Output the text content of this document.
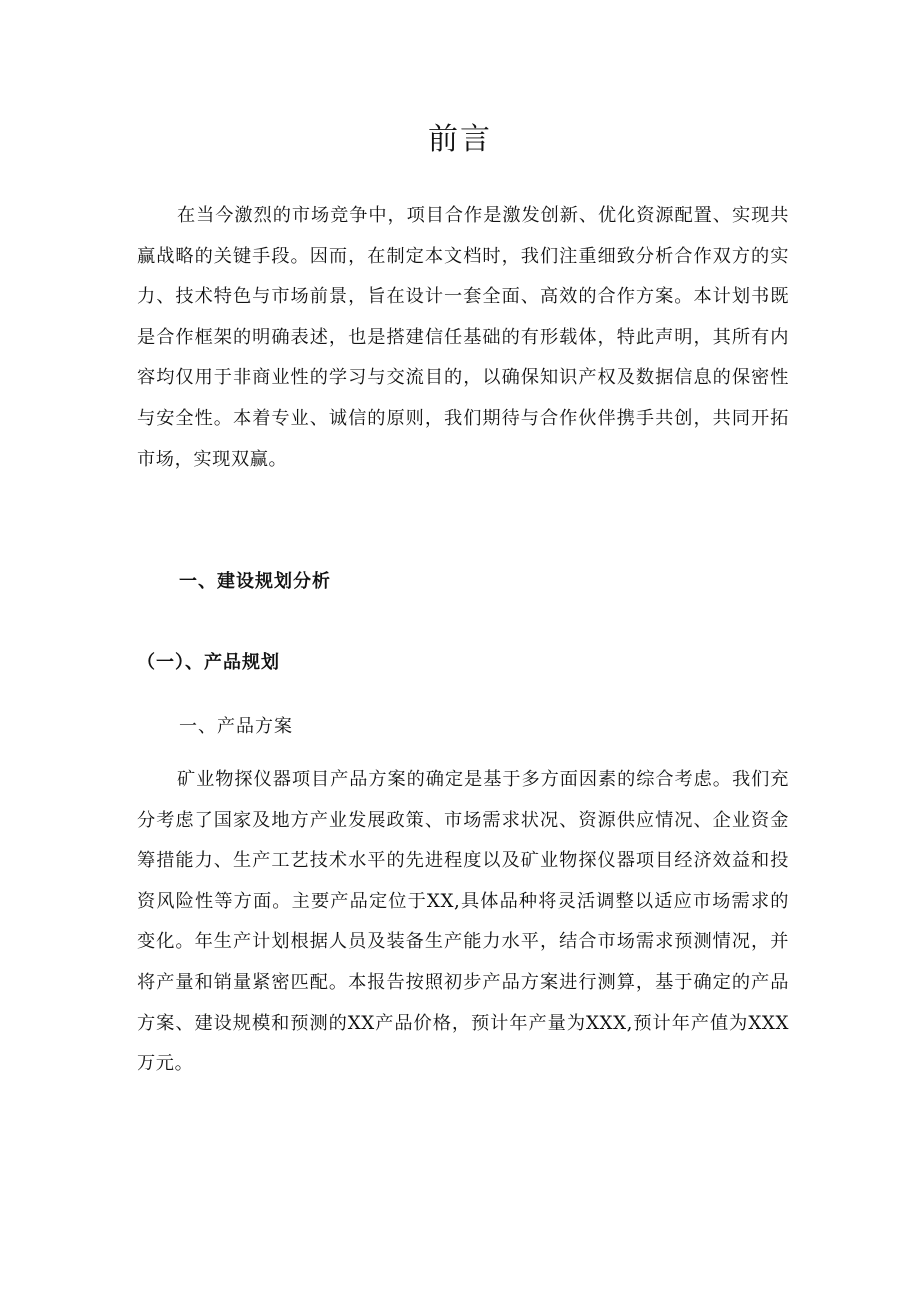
前言

在当今激烈的市场竞争中，项目合作是激发创新、优化资源配置、实现共赢战略的关键手段。因而，在制定本文档时，我们注重细致分析合作双方的实力、技术特色与市场前景，旨在设计一套全面、高效的合作方案。本计划书既是合作框架的明确表述，也是搭建信任基础的有形载体，特此声明，其所有内容均仅用于非商业性的学习与交流目的，以确保知识产权及数据信息的保密性与安全性。本着专业、诚信的原则，我们期待与合作伙伴携手共创，共同开拓市场，实现双赢。

一、建设规划分析
（一）、产品规划

一、产品方案

矿业物探仪器项目产品方案的确定是基于多方面因素的综合考虑。我们充分考虑了国家及地方产业发展政策、市场需求状况、资源供应情况、企业资金筹措能力、生产工艺技术水平的先进程度以及矿业物探仪器项目经济效益和投资风险性等方面。主要产品定位于XX,具体品种将灵活调整以适应市场需求的变化。年生产计划根据人员及装备生产能力水平，结合市场需求预测情况，并将产量和销量紧密匹配。本报告按照初步产品方案进行测算，基于确定的产品方案、建设规模和预测的XX产品价格，预计年产量为XXX,预计年产值为XXX万元。
